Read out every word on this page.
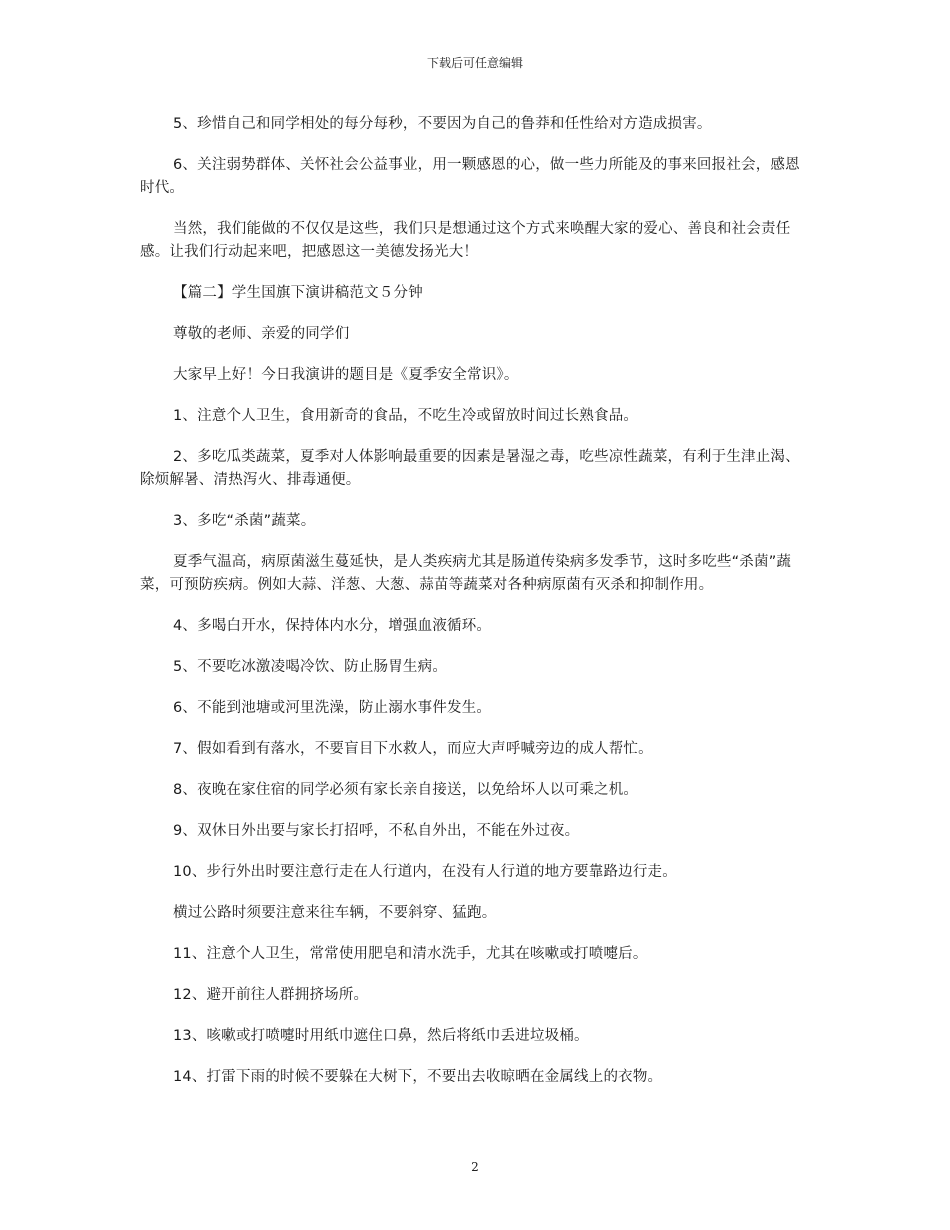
下载后可任意编辑

5、珍惜自己和同学相处的每分每秒，不要因为自己的鲁莽和任性给对方造成损害。

6、关注弱势群体、关怀社会公益事业，用一颗感恩的心，做一些力所能及的事来回报社会，感恩时代。

当然，我们能做的不仅仅是这些，我们只是想通过这个方式来唤醒大家的爱心、善良和社会责任感。让我们行动起来吧，把感恩这一美德发扬光大！

【篇二】学生国旗下演讲稿范文５分钟

尊敬的老师、亲爱的同学们

大家早上好！今日我演讲的题目是《夏季安全常识》。

1、注意个人卫生，食用新奇的食品，不吃生冷或留放时间过长熟食品。

2、多吃瓜类蔬菜，夏季对人体影响最重要的因素是暑湿之毒，吃些凉性蔬菜，有利于生津止渴、除烦解暑、清热泻火、排毒通便。

3、多吃“杀菌”蔬菜。

夏季气温高，病原菌滋生蔓延快，是人类疾病尤其是肠道传染病多发季节，这时多吃些“杀菌”蔬菜，可预防疾病。例如大蒜、洋葱、大葱、蒜苗等蔬菜对各种病原菌有灭杀和抑制作用。

4、多喝白开水，保持体内水分，增强血液循环。

5、不要吃冰激凌喝冷饮、防止肠胃生病。

6、不能到池塘或河里洗澡，防止溺水事件发生。

7、假如看到有落水，不要盲目下水救人，而应大声呼喊旁边的成人帮忙。

8、夜晚在家住宿的同学必须有家长亲自接送，以免给坏人以可乘之机。

9、双休日外出要与家长打招呼，不私自外出，不能在外过夜。

10、步行外出时要注意行走在人行道内，在没有人行道的地方要靠路边行走。

横过公路时须要注意来往车辆，不要斜穿、猛跑。

11、注意个人卫生，常常使用肥皂和清水洗手，尤其在咳嗽或打喷嚏后。

12、避开前往人群拥挤场所。

13、咳嗽或打喷嚏时用纸巾遮住口鼻，然后将纸巾丢进垃圾桶。

14、打雷下雨的时候不要躲在大树下，不要出去收晾晒在金属线上的衣物。

2
